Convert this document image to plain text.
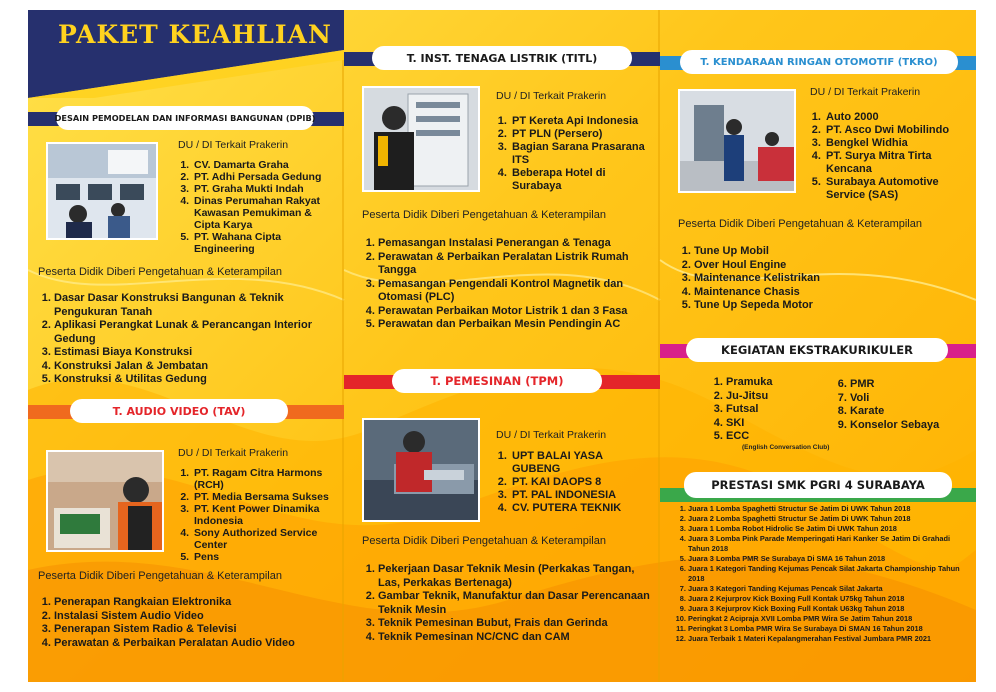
PAKET KEAHLIAN
DESAIN PEMODELAN DAN INFORMASI BANGUNAN (DPIB)
DU / DI Terkait Prakerin
1. CV. Damarta Graha
2. PT. Adhi Persada Gedung
3. PT. Graha Mukti Indah
4. Dinas Perumahan Rakyat Kawasan Pemukiman & Cipta Karya
5. PT. Wahana Cipta Engineering
Peserta Didik Diberi Pengetahuan & Keterampilan
1. Dasar Dasar Konstruksi Bangunan & Teknik Pengukuran Tanah
2. Aplikasi Perangkat Lunak & Perancangan Interior Gedung
3. Estimasi Biaya Konstruksi
4. Konstruksi Jalan & Jembatan
5. Konstruksi & Utilitas Gedung
T. AUDIO VIDEO (TAV)
DU / DI Terkait Prakerin
1. PT. Ragam Citra Harmons (RCH)
2. PT. Media Bersama Sukses
3. PT. Kent Power Dinamika Indonesia
4. Sony Authorized Service Center
5. Pens
Peserta Didik Diberi Pengetahuan & Keterampilan
1. Penerapan Rangkaian Elektronika
2. Instalasi Sistem Audio Video
3. Penerapan Sistem Radio & Televisi
4. Perawatan & Perbaikan Peralatan Audio Video
T. INST. TENAGA LISTRIK (TITL)
DU / DI Terkait Prakerin
1. PT Kereta Api Indonesia
2. PT PLN (Persero)
3. Bagian Sarana Prasarana ITS
4. Beberapa Hotel di Surabaya
Peserta Didik Diberi Pengetahuan & Keterampilan
1. Pemasangan Instalasi Penerangan & Tenaga
2. Perawatan & Perbaikan Peralatan Listrik Rumah Tangga
3. Pemasangan Pengendali Kontrol Magnetik dan Otomasi (PLC)
4. Perawatan Perbaikan Motor Listrik 1 dan 3 Fasa
5. Perawatan dan Perbaikan Mesin Pendingin AC
T. PEMESINAN (TPM)
DU / DI Terkait Prakerin
1. UPT BALAI YASA GUBENG
2. PT. KAI DAOPS 8
3. PT. PAL INDONESIA
4. CV. PUTERA TEKNIK
Peserta Didik Diberi Pengetahuan & Keterampilan
1. Pekerjaan Dasar Teknik Mesin (Perkakas Tangan, Las, Perkakas Bertenaga)
2. Gambar Teknik, Manufaktur dan Dasar Perencanaan Teknik Mesin
3. Teknik Pemesinan Bubut, Frais dan Gerinda
4. Teknik Pemesinan NC/CNC dan CAM
T. KENDARAAN RINGAN OTOMOTIF (TKRO)
DU / DI Terkait Prakerin
1. Auto 2000
2. PT. Asco Dwi Mobilindo
3. Bengkel Widhia
4. PT. Surya Mitra Tirta Kencana
5. Surabaya Automotive Service (SAS)
Peserta Didik Diberi Pengetahuan & Keterampilan
1. Tune Up Mobil
2. Over Houl Engine
3. Maintenance Kelistrikan
4. Maintenance Chasis
5. Tune Up Sepeda Motor
KEGIATAN EKSTRAKURIKULER
1. Pramuka
2. Ju-Jitsu
3. Futsal
4. SKI
5. ECC
(English Conversation Club)
6. PMR
7. Voli
8. Karate
9. Konselor Sebaya
PRESTASI SMK PGRI 4 SURABAYA
1. Juara 1 Lomba Spaghetti Structur Se Jatim Di UWK Tahun 2018
2. Juara 2 Lomba Spaghetti Structur Se Jatim Di UWK Tahun 2018
3. Juara 1 Lomba Robot Hidrolic Se Jatim Di UWK Tahun 2018
4. Juara 3 Lomba Pink Parade Memperingati Hari Kanker Se Jatim Di Grahadi Tahun 2018
5. Juara 3 Lomba PMR Se Surabaya Di SMA 16 Tahun 2018
6. Juara 1 Kategori Tanding Kejumas Pencak Silat Jakarta Championship Tahun 2018
7. Juara 3 Kategori Tanding Kejumas Pencak Silat Jakarta
8. Juara 2 Kejurprov Kick Boxing Full Kontak U75kg Tahun 2018
9. Juara 3 Kejurprov Kick Boxing Full Kontak U63kg Tahun 2018
10. Peringkat 2 Aciprajа XVII Lomba PMR Wira Se Jatim Tahun 2018
11. Peringkat 3 Lomba PMR Wira Se Surabaya Di SMAN 16 Tahun 2018
12. Juara Terbaik 1 Materi Kepalangmerahan Festival Jumbara PMR 2021
